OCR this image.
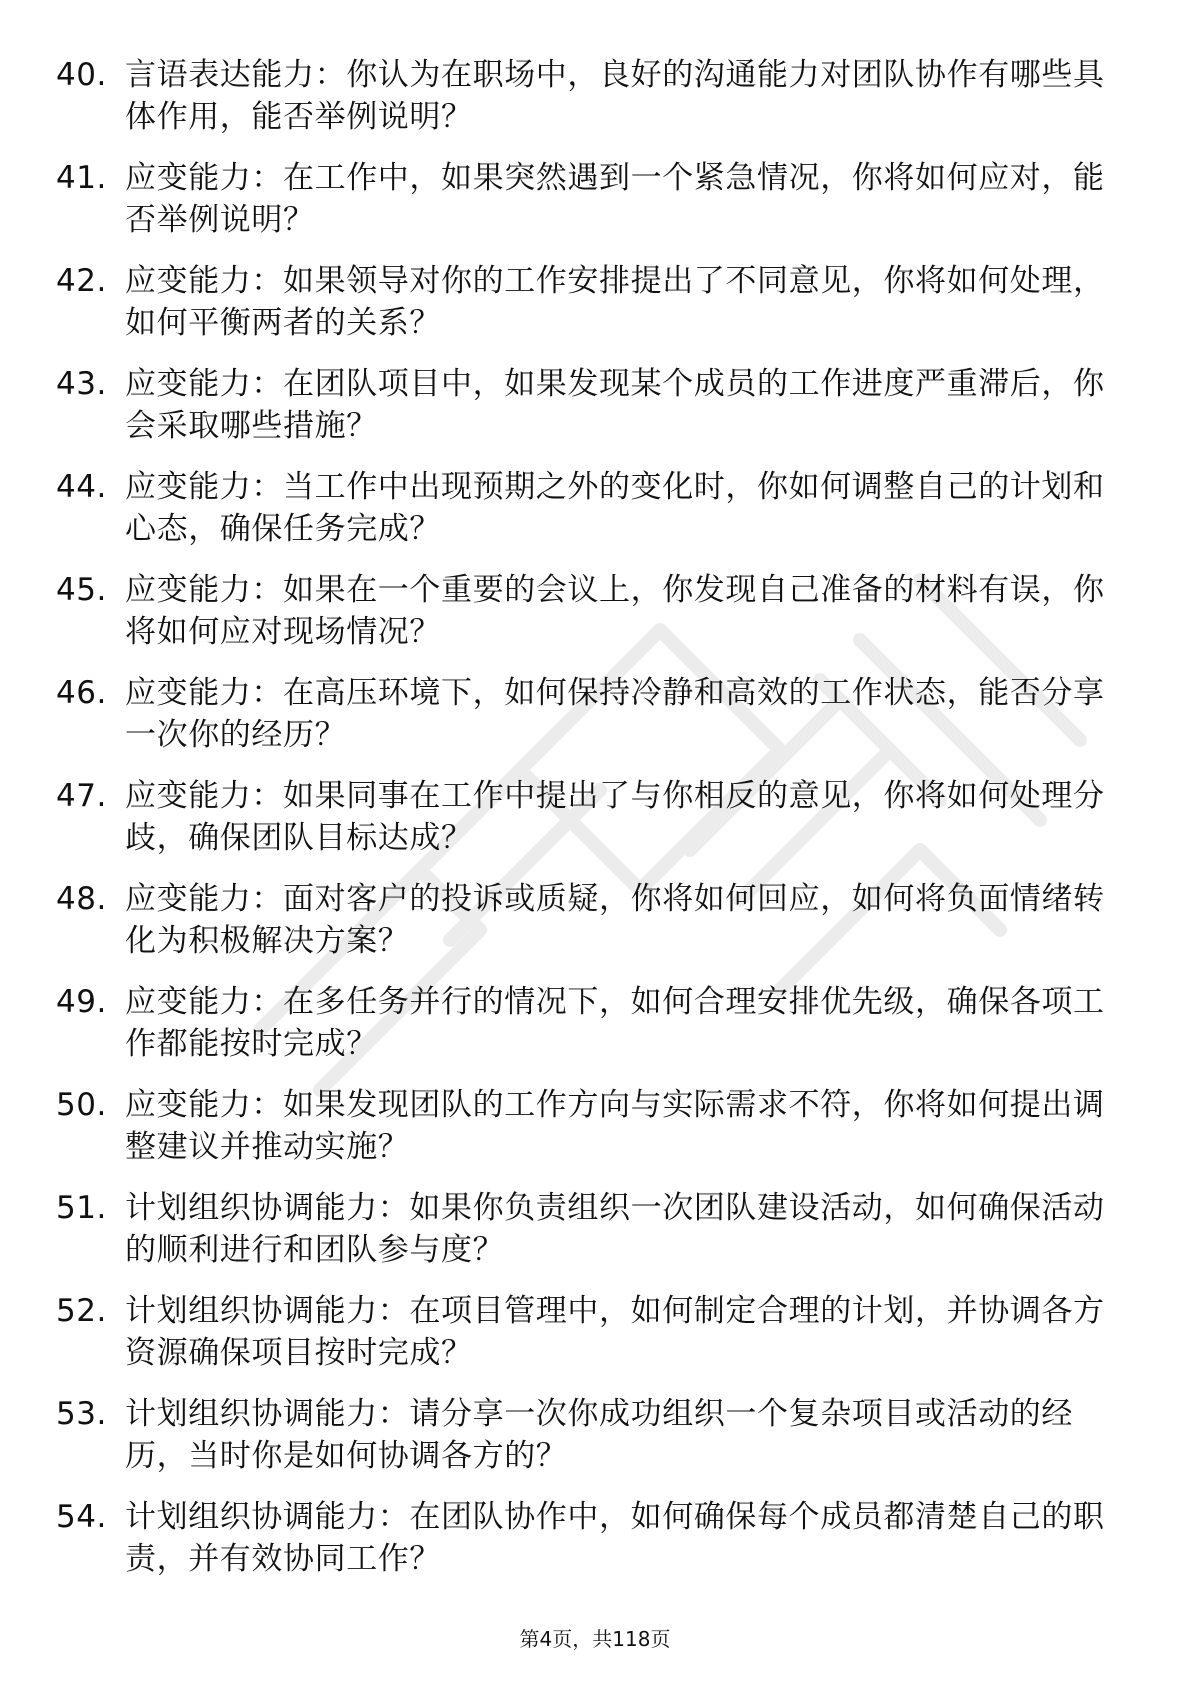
40. 言语表达能力：你认为在职场中，良好的沟通能力对团队协作有哪些具体作用，能否举例说明？
41. 应变能力：在工作中，如果突然遇到一个紧急情况，你将如何应对，能否举例说明？
42. 应变能力：如果领导对你的工作安排提出了不同意见，你将如何处理，如何平衡两者的关系？
43. 应变能力：在团队项目中，如果发现某个成员的工作进度严重滞后，你会采取哪些措施？
44. 应变能力：当工作中出现预期之外的变化时，你如何调整自己的计划和心态，确保任务完成？
45. 应变能力：如果在一个重要的会议上，你发现自己准备的材料有误，你将如何应对现场情况？
46. 应变能力：在高压环境下，如何保持冷静和高效的工作状态，能否分享一次你的经历？
47. 应变能力：如果同事在工作中提出了与你相反的意见，你将如何处理分歧，确保团队目标达成？
48. 应变能力：面对客户的投诉或质疑，你将如何回应，如何将负面情绪转化为积极解决方案？
49. 应变能力：在多任务并行的情况下，如何合理安排优先级，确保各项工作都能按时完成？
50. 应变能力：如果发现团队的工作方向与实际需求不符，你将如何提出调整建议并推动实施？
51. 计划组织协调能力：如果你负责组织一次团队建设活动，如何确保活动的顺利进行和团队参与度？
52. 计划组织协调能力：在项目管理中，如何制定合理的计划，并协调各方资源确保项目按时完成？
53. 计划组织协调能力：请分享一次你成功组织一个复杂项目或活动的经历，当时你是如何协调各方的？
54. 计划组织协调能力：在团队协作中，如何确保每个成员都清楚自己的职责，并有效协同工作？
第4页，共118页
